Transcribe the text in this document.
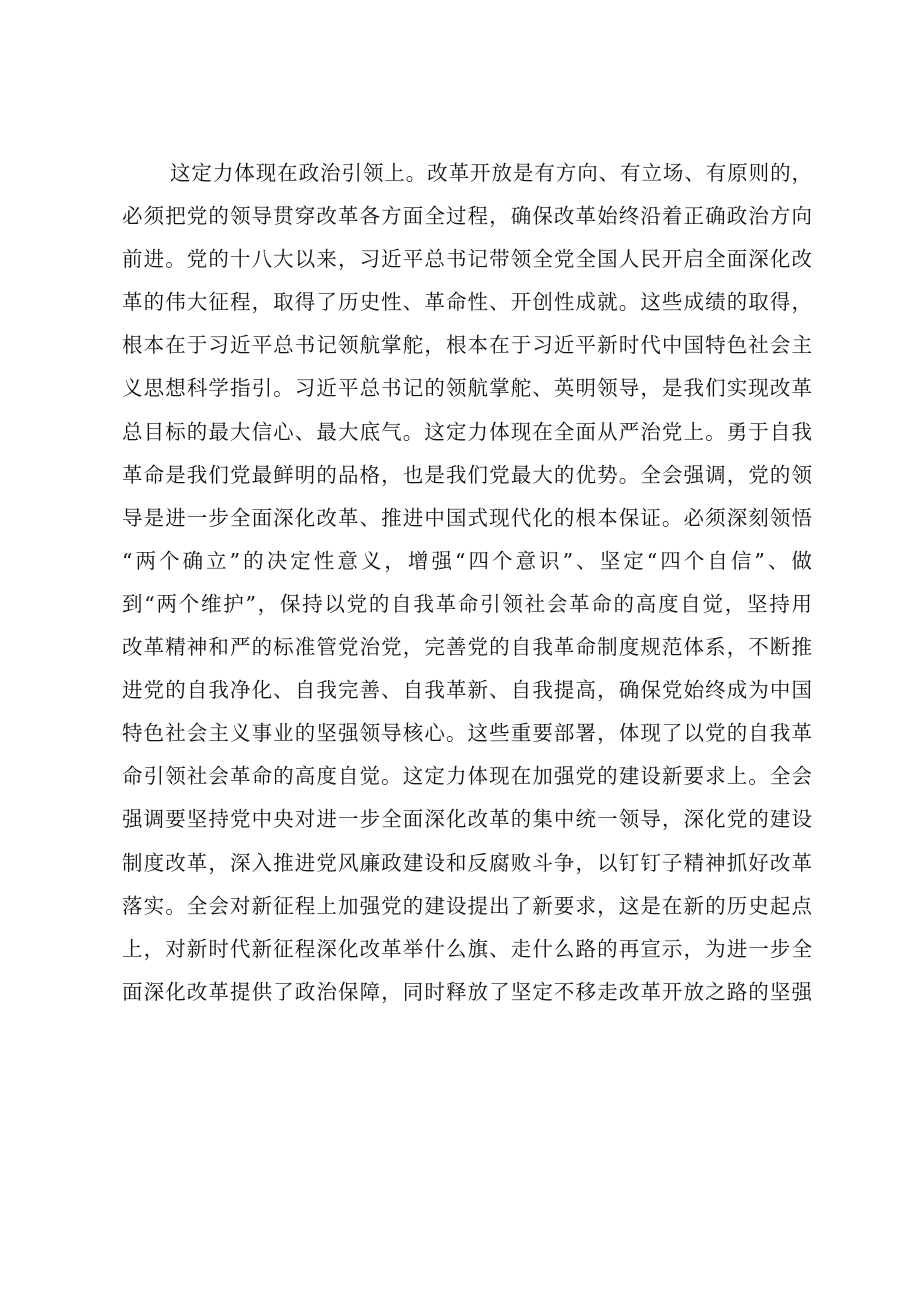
这定力体现在政治引领上。改革开放是有方向、有立场、有原则的，
必须把党的领导贯穿改革各方面全过程，确保改革始终沿着正确政治方向
前进。党的十八大以来，习近平总书记带领全党全国人民开启全面深化改
革的伟大征程，取得了历史性、革命性、开创性成就。这些成绩的取得，
根本在于习近平总书记领航掌舵，根本在于习近平新时代中国特色社会主
义思想科学指引。习近平总书记的领航掌舵、英明领导，是我们实现改革
总目标的最大信心、最大底气。这定力体现在全面从严治党上。勇于自我
革命是我们党最鲜明的品格，也是我们党最大的优势。全会强调，党的领
导是进一步全面深化改革、推进中国式现代化的根本保证。必须深刻领悟
“两个确立”的决定性意义，增强“四个意识”、坚定“四个自信”、做
到“两个维护”，保持以党的自我革命引领社会革命的高度自觉，坚持用
改革精神和严的标准管党治党，完善党的自我革命制度规范体系，不断推
进党的自我净化、自我完善、自我革新、自我提高，确保党始终成为中国
特色社会主义事业的坚强领导核心。这些重要部署，体现了以党的自我革
命引领社会革命的高度自觉。这定力体现在加强党的建设新要求上。全会
强调要坚持党中央对进一步全面深化改革的集中统一领导，深化党的建设
制度改革，深入推进党风廉政建设和反腐败斗争，以钉钉子精神抓好改革
落实。全会对新征程上加强党的建设提出了新要求，这是在新的历史起点
上，对新时代新征程深化改革举什么旗、走什么路的再宣示，为进一步全
面深化改革提供了政治保障，同时释放了坚定不移走改革开放之路的坚强
